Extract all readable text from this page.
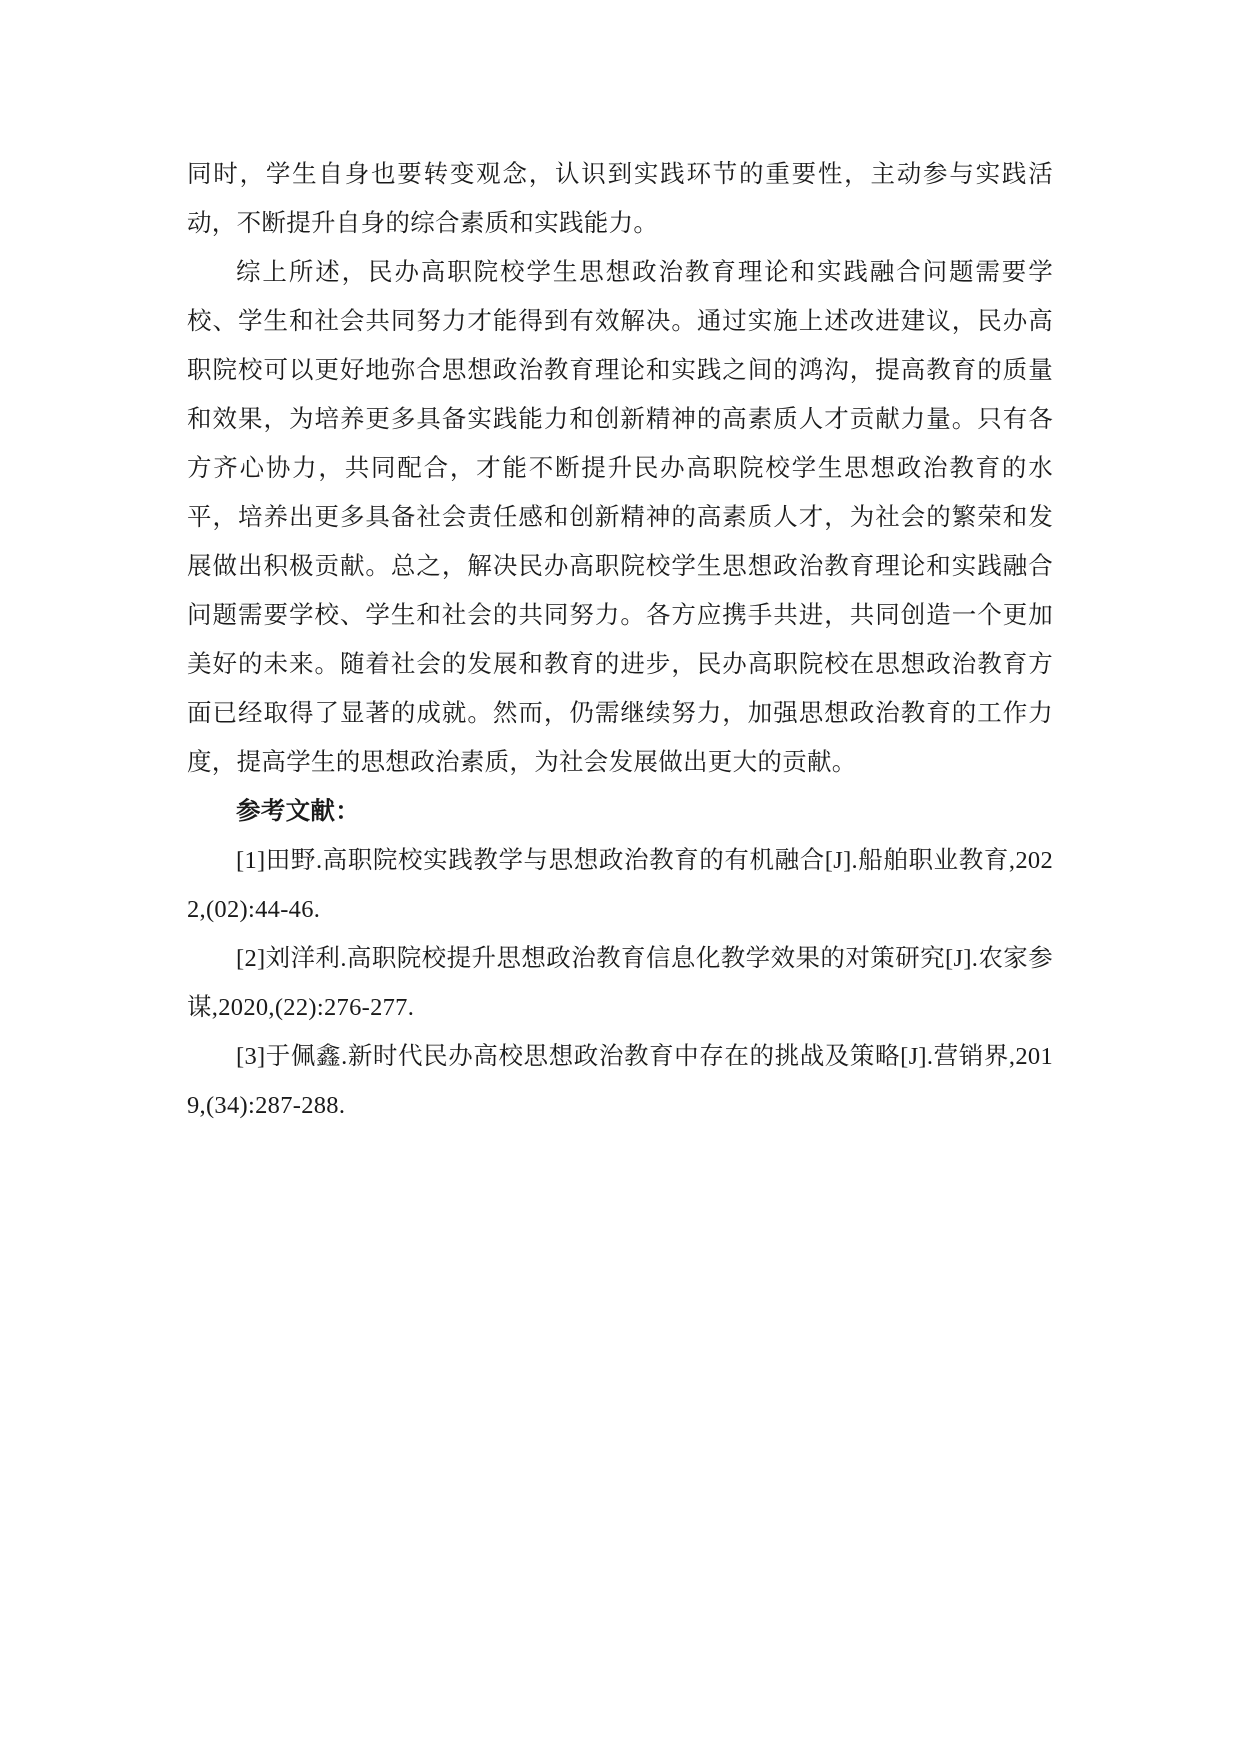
同时，学生自身也要转变观念，认识到实践环节的重要性，主动参与实践活动，不断提升自身的综合素质和实践能力。

综上所述，民办高职院校学生思想政治教育理论和实践融合问题需要学校、学生和社会共同努力才能得到有效解决。通过实施上述改进建议，民办高职院校可以更好地弥合思想政治教育理论和实践之间的鸿沟，提高教育的质量和效果，为培养更多具备实践能力和创新精神的高素质人才贡献力量。只有各方齐心协力，共同配合，才能不断提升民办高职院校学生思想政治教育的水平，培养出更多具备社会责任感和创新精神的高素质人才，为社会的繁荣和发展做出积极贡献。总之，解决民办高职院校学生思想政治教育理论和实践融合问题需要学校、学生和社会的共同努力。各方应携手共进，共同创造一个更加美好的未来。随着社会的发展和教育的进步，民办高职院校在思想政治教育方面已经取得了显著的成就。然而，仍需继续努力，加强思想政治教育的工作力度，提高学生的思想政治素质，为社会发展做出更大的贡献。

参考文献：

[1]田野.高职院校实践教学与思想政治教育的有机融合[J].船舶职业教育,2022,(02):44-46.

[2]刘洋利.高职院校提升思想政治教育信息化教学效果的对策研究[J].农家参谋,2020,(22):276-277.

[3]于佩鑫.新时代民办高校思想政治教育中存在的挑战及策略[J].营销界,2019,(34):287-288.
